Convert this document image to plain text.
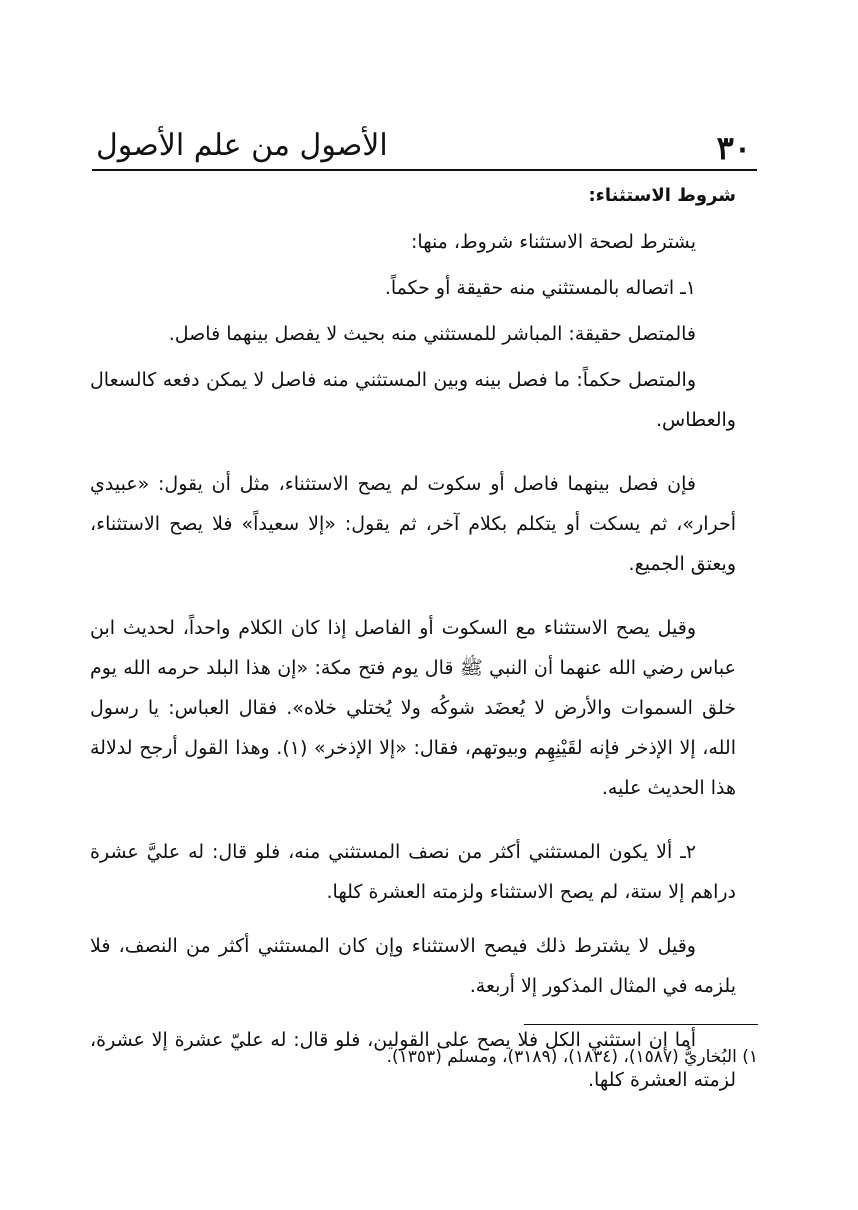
٣٠
الأصول من علم الأصول

شروط الاستثناء:

يشترط لصحة الاستثناء شروط، منها:

١ـ اتصاله بالمستثني منه حقيقة أو حكماً.

فالمتصل حقيقة: المباشر للمستثني منه بحيث لا يفصل بينهما فاصل.

والمتصل حكماً: ما فصل بينه وبين المستثني منه فاصل لا يمكن دفعه كالسعال والعطاس.

فإن فصل بينهما فاصل أو سكوت لم يصح الاستثناء، مثل أن يقول: «عبيدي أحرار»، ثم يسكت أو يتكلم بكلام آخر، ثم يقول: «إلا سعيداً» فلا يصح الاستثناء، ويعتق الجميع.

وقيل يصح الاستثناء مع السكوت أو الفاصل إذا كان الكلام واحداً، لحديث ابن عباس رضي الله عنهما أن النبي ﷺ قال يوم فتح مكة: «إن هذا البلد حرمه الله يوم خلق السموات والأرض لا يُعضَد شوكُه ولا يُختلي خلاه». فقال العباس: يا رسول الله، إلا الإذخر فإنه لقَيْنِهِم وبيوتهم، فقال: «إلا الإذخر» (١). وهذا القول أرجح لدلالة هذا الحديث عليه.

٢ـ ألا يكون المستثني أكثر من نصف المستثني منه، فلو قال: له عليَّ عشرة دراهم إلا ستة، لم يصح الاستثناء ولزمته العشرة كلها.

وقيل لا يشترط ذلك فيصح الاستثناء وإن كان المستثني أكثر من النصف، فلا يلزمه في المثال المذكور إلا أربعة.

أما إن استثني الكل فلا يصح على القولين، فلو قال: له عليّ عشرة إلا عشرة، لزمته العشرة كلها.

١) البُخاريُّ (١٥٨٧)، (١٨٣٤)، (٣١٨٩)، ومسلم (١٣٥٣).
